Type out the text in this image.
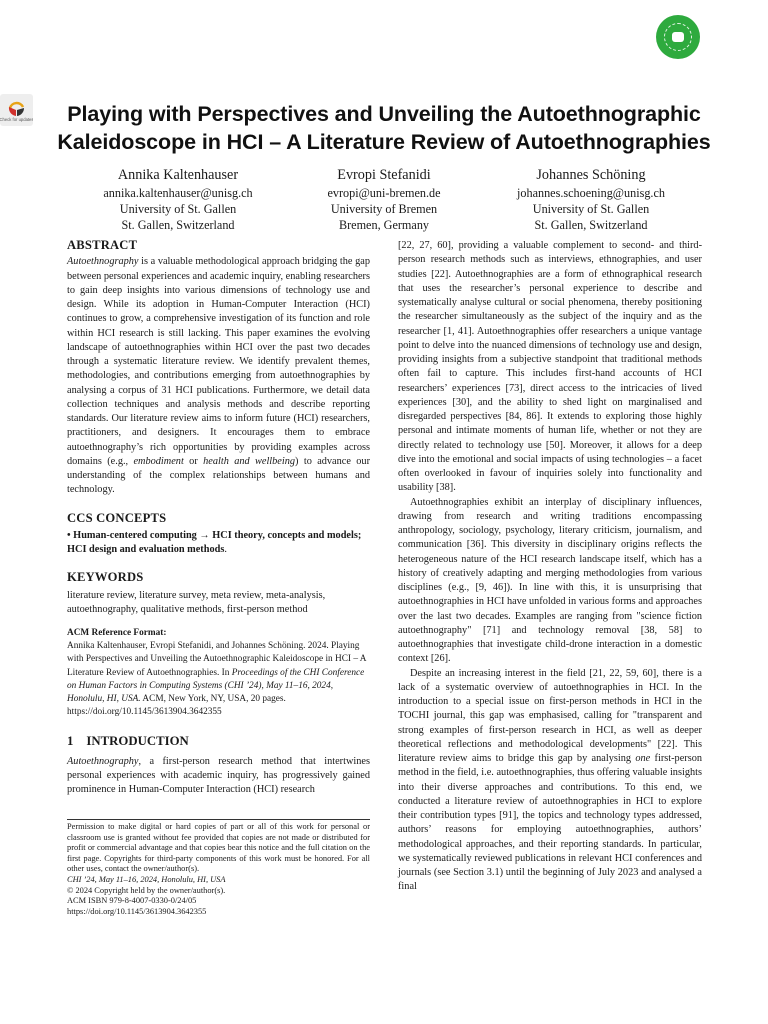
Check for updates	Playing with Perspectives and Unveiling the Autoethnographic
Kaleidoscope in HCI – A Literature Review of Autoethnographies
Annika Kaltenhauser
annika.kaltenhauser@unisg.ch
University of St. Gallen
St. Gallen, Switzerland
Evropi Stefanidi
evropi@uni-bremen.de
University of Bremen
Bremen, Germany
Johannes Schöning
johannes.schoening@unisg.ch
University of St. Gallen
St. Gallen, Switzerland
ABSTRACT

Autoethnography is a valuable methodological approach bridging the gap between personal experiences and academic inquiry, enabling researchers to gain deep insights into various dimensions of technology use and design. While its adoption in Human-Computer Interaction (HCI) continues to grow, a comprehensive investigation of its function and role within HCI research is still lacking. This paper examines the evolving landscape of autoethnographies within HCI over the past two decades through a systematic literature review. We identify prevalent themes, methodologies, and contributions emerging from autoethnographies by analysing a corpus of 31 HCI publications. Furthermore, we detail data collection techniques and analysis methods and describe reporting standards. Our literature review aims to inform future (HCI) researchers, practitioners, and designers. It encourages them to embrace autoethnography’s rich opportunities by providing examples across domains (e.g., embodiment or health and wellbeing) to advance our understanding of the complex relationships between humans and technology.

CCS CONCEPTS

• Human-centered computing → HCI theory, concepts and models; HCI design and evaluation methods.

KEYWORDS

literature review, literature survey, meta review, meta-analysis, autoethnography, qualitative methods, first-person method

ACM Reference Format:

Annika Kaltenhauser, Evropi Stefanidi, and Johannes Schöning. 2024. Playing with Perspectives and Unveiling the Autoethnographic Kaleidoscope in HCI – A Literature Review of Autoethnographies. In Proceedings of the CHI Conference on Human Factors in Computing Systems (CHI ’24), May 11–16, 2024, Honolulu, HI, USA. ACM, New York, NY, USA, 20 pages. https://doi.org/10.1145/3613904.3642355

1 INTRODUCTION

Autoethnography, a first-person research method that intertwines personal experiences with academic inquiry, has progressively gained prominence in Human-Computer Interaction (HCI) research

Permission to make digital or hard copies of part or all of this work for personal or classroom use is granted without fee provided that copies are not made or distributed for profit or commercial advantage and that copies bear this notice and the full citation on the first page. Copyrights for third-party components of this work must be honored. For all other uses, contact the owner/author(s).
CHI ’24, May 11–16, 2024, Honolulu, HI, USA
© 2024 Copyright held by the owner/author(s).
ACM ISBN 979-8-4007-0330-0/24/05
https://doi.org/10.1145/3613904.3642355

[22, 27, 60], providing a valuable complement to second- and third-person research methods such as interviews, ethnographies, and user studies [22]. Autoethnographies are a form of ethnographical research that uses the researcher’s personal experience to describe and systematically analyse cultural or social phenomena, thereby positioning the researcher simultaneously as the subject of the inquiry and as the researcher [1, 41]. Autoethnographies offer researchers a unique vantage point to delve into the nuanced dimensions of technology use and design, providing insights from a subjective standpoint that traditional methods often fail to capture. This includes first-hand accounts of HCI researchers’ experiences [73], direct access to the intricacies of lived experiences [30], and the ability to shed light on marginalised and disregarded perspectives [84, 86]. It extends to exploring those highly personal and intimate moments of human life, whether or not they are directly related to technology use [50]. Moreover, it allows for a deep dive into the emotional and social impacts of using technologies – a facet often overlooked in favour of inquiries solely into functionality and usability [38].

Autoethnographies exhibit an interplay of disciplinary influences, drawing from research and writing traditions encompassing anthropology, sociology, psychology, literary criticism, journalism, and communication [36]. This diversity in disciplinary origins reflects the heterogeneous nature of the HCI research landscape itself, which has a history of creatively adapting and merging methodologies from various disciplines (e.g., [9, 46]). In line with this, it is unsurprising that autoethnographies in HCI have unfolded in various forms and approaches over the last two decades. Examples are ranging from "science fiction autoethnography" [71] and technology removal [38, 58] to autoethnographies that investigate child-drone interaction in a domestic context [26].

Despite an increasing interest in the field [21, 22, 59, 60], there is a lack of a systematic overview of autoethnographies in HCI. In the introduction to a special issue on first-person methods in HCI in the TOCHI journal, this gap was emphasised, calling for "transparent and strong examples of first-person research in HCI, as well as deeper theoretical reflections and methodological developments" [22]. This literature review aims to bridge this gap by analysing one first-person method in the field, i.e. autoethnographies, thus offering valuable insights into their diverse approaches and contributions. To this end, we conducted a literature review of autoethnographies in HCI to explore their contribution types [91], the topics and technology types addressed, authors’ reasons for employing autoethnographies, authors’ methodological approaches, and their reporting standards. In particular, we systematically reviewed publications in relevant HCI conferences and journals (see Section 3.1) until the beginning of July 2023 and analysed a final
